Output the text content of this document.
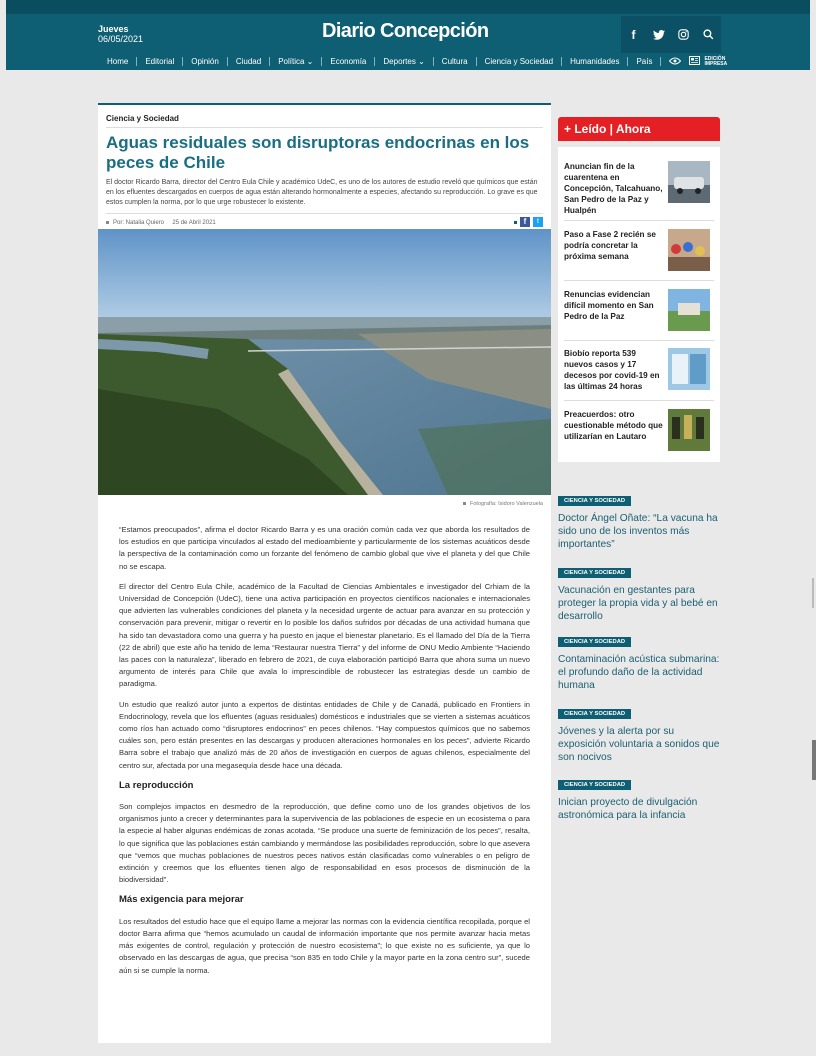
Jueves
06/05/2021	Diario Concepción	f
Home	Editorial	Opinión	Ciudad	Política ⌄	Economía	Deportes ⌄	Cultura	Ciencia y Sociedad	Humanidades	País	EDICIÓN
IMPRESA
Ciencia y Sociedad
Aguas residuales son disruptoras endocrinas en los peces de Chile

El doctor Ricardo Barra, director del Centro Eula Chile y académico UdeC, es uno de los autores de estudio reveló que químicos que están en los efluentes descargados en cuerpos de agua están alterando hormonalmente a especies, afectando su reproducción. Lo grave es que estos cumplen la norma, por lo que urge robustecer lo existente.

Por: Natalia Quiero 25 de Abril 2021	f	t
Fotografía: Isidoro Valenzuela

“Estamos preocupados”, afirma el doctor Ricardo Barra y es una oración común cada vez que aborda los resultados de los estudios en que participa vinculados al estado del medioambiente y particularmente de los sistemas acuáticos desde la perspectiva de la contaminación como un forzante del fenómeno de cambio global que vive el planeta y del que Chile no se escapa.

El director del Centro Eula Chile, académico de la Facultad de Ciencias Ambientales e investigador del Crhiam de la Universidad de Concepción (UdeC), tiene una activa participación en proyectos científicos nacionales e internacionales que advierten las vulnerables condiciones del planeta y la necesidad urgente de actuar para avanzar en su protección y conservación para prevenir, mitigar o revertir en lo posible los daños sufridos por décadas de una actividad humana que ha sido tan devastadora como una guerra y ha puesto en jaque el bienestar planetario. Es el llamado del Día de la Tierra (22 de abril) que este año ha tenido de lema “Restaurar nuestra Tierra” y del informe de ONU Medio Ambiente “Haciendo las paces con la naturaleza”, liberado en febrero de 2021, de cuya elaboración participó Barra que ahora suma un nuevo argumento de interés para Chile que avala lo imprescindible de robustecer las estrategias desde un cambio de paradigma.

Un estudio que realizó autor junto a expertos de distintas entidades de Chile y de Canadá, publicado en Frontiers in Endocrinology, revela que los efluentes (aguas residuales) domésticos e industriales que se vierten a sistemas acuáticos como ríos han actuado como “disruptores endocrinos” en peces chilenos. “Hay compuestos químicos que no sabemos cuáles son, pero están presentes en las descargas y producen alteraciones hormonales en los peces”, advierte Ricardo Barra sobre el trabajo que analizó más de 20 años de investigación en cuerpos de aguas chilenos, especialmente del centro sur, afectada por una megasequía desde hace una década.

La reproducción

Son complejos impactos en desmedro de la reproducción, que define como uno de los grandes objetivos de los organismos junto a crecer y determinantes para la supervivencia de las poblaciones de especie en un ecosistema o para la especie al haber algunas endémicas de zonas acotada. “Se produce una suerte de feminización de los peces”, resalta, lo que significa que las poblaciones están cambiando y mermándose las posibilidades reproducción, sobre lo que asevera que “vemos que muchas poblaciones de nuestros peces nativos están clasificadas como vulnerables o en peligro de extinción y creemos que los efluentes tienen algo de responsabilidad en esos procesos de disminución de la biodiversidad”.

Más exigencia para mejorar

Los resultados del estudio hace que el equipo llame a mejorar las normas con la evidencia científica recopilada, porque el doctor Barra afirma que “hemos acumulado un caudal de información importante que nos permite avanzar hacia metas más exigentes de control, regulación y protección de nuestro ecosistema”; lo que existe no es suficiente, ya que lo observado en las descargas de agua, que precisa “son 835 en todo Chile y la mayor parte en la zona centro sur”, sucede aún si se cumple la norma.

+ Leído | Ahora
Anuncian fin de la cuarentena en Concepción, Talcahuano, San Pedro de la Paz y Hualpén
Paso a Fase 2 recién se podría concretar la próxima semana
Renuncias evidencian difícil momento en San Pedro de la Paz
Biobío reporta 539 nuevos casos y 17 decesos por covid-19 en las últimas 24 horas
Preacuerdos: otro cuestionable método que utilizarían en Lautaro
CIENCIA Y SOCIEDAD
Doctor Ángel Oñate: “La vacuna ha sido uno de los inventos más importantes”
CIENCIA Y SOCIEDAD
Vacunación en gestantes para proteger la propia vida y al bebé en desarrollo
CIENCIA Y SOCIEDAD
Contaminación acústica submarina: el profundo daño de la actividad humana
CIENCIA Y SOCIEDAD
Jóvenes y la alerta por su exposición voluntaria a sonidos que son nocivos
CIENCIA Y SOCIEDAD
Inician proyecto de divulgación astronómica para la infancia
